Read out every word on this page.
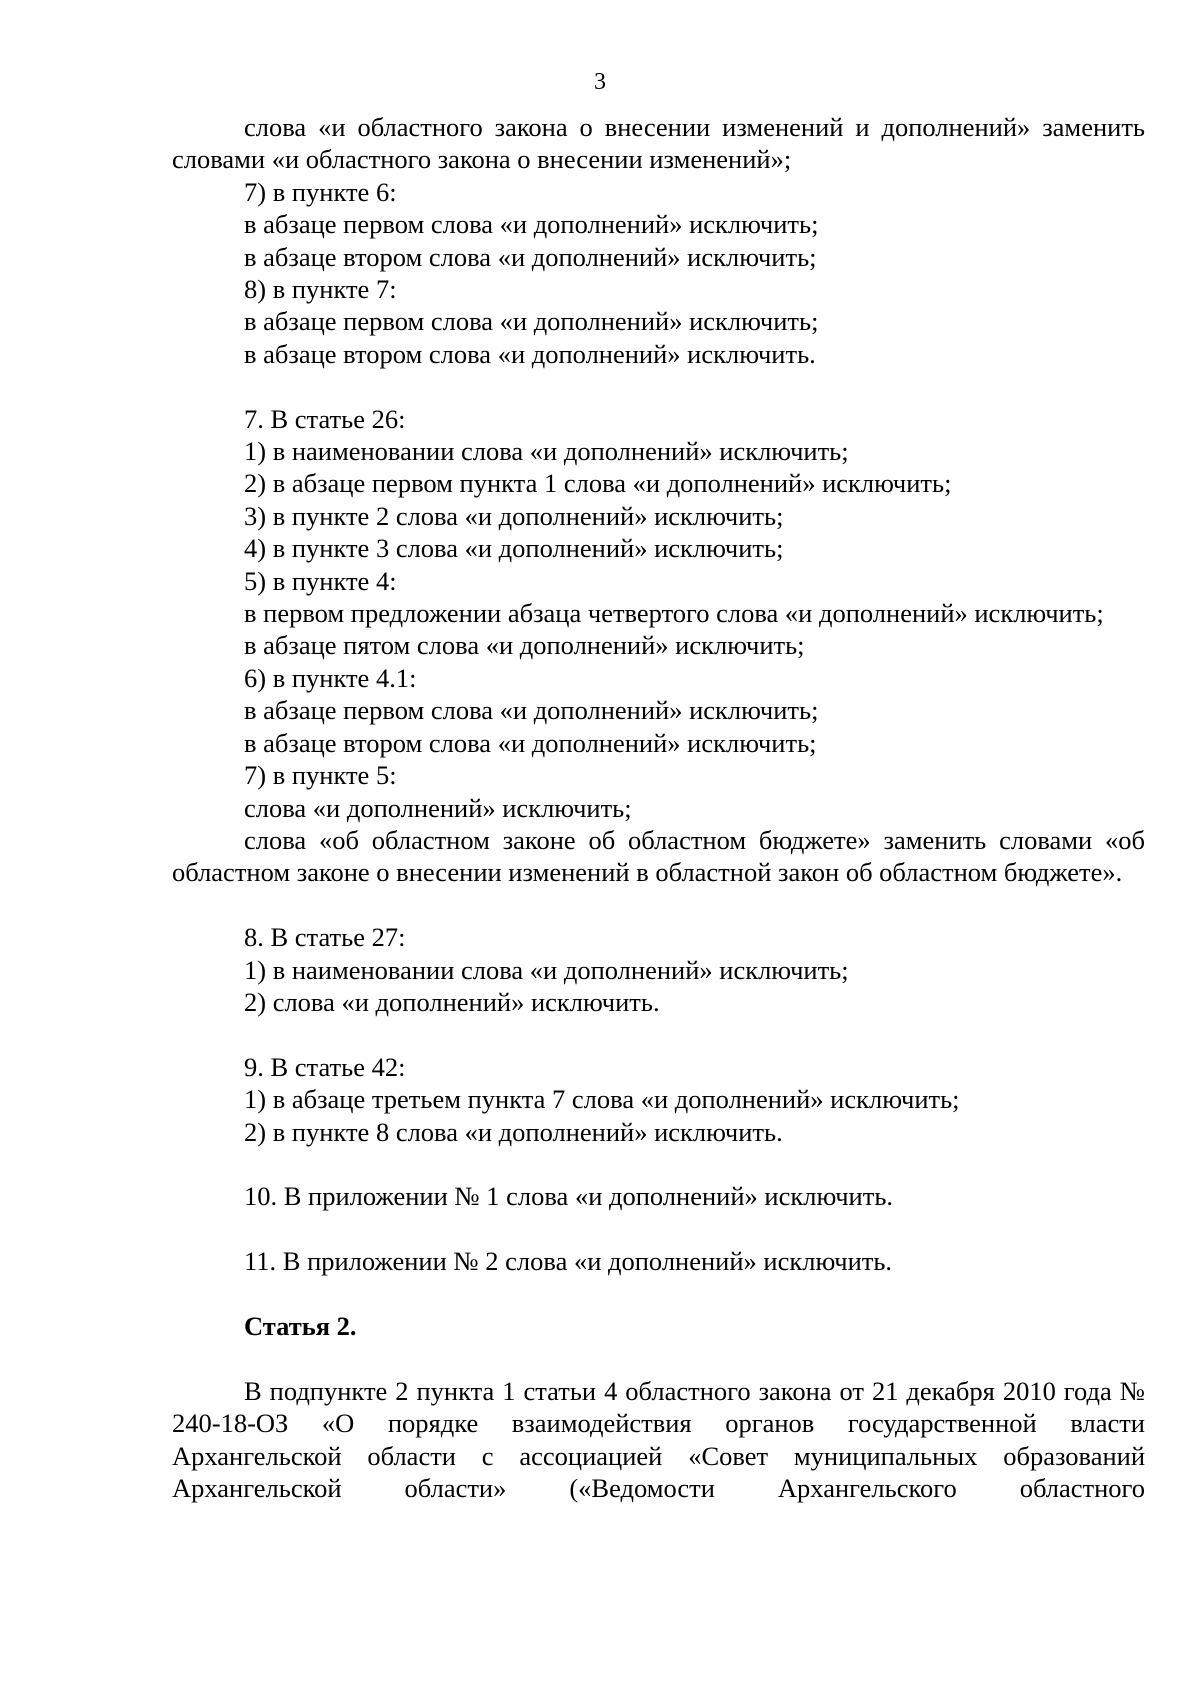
3

слова «и областного закона о внесении изменений и дополнений» заменить словами «и областного закона о внесении изменений»;

7) в пункте 6:

в абзаце первом слова «и дополнений» исключить;

в абзаце втором слова «и дополнений» исключить;

8) в пункте 7:

в абзаце первом слова «и дополнений» исключить;

в абзаце втором слова «и дополнений» исключить.

7. В статье 26:

1) в наименовании слова «и дополнений» исключить;

2) в абзаце первом пункта 1 слова «и дополнений» исключить;

3) в пункте 2 слова «и дополнений» исключить;

4) в пункте 3 слова «и дополнений» исключить;

5) в пункте 4:

в первом предложении абзаца четвертого слова «и дополнений» исключить;

в абзаце пятом слова «и дополнений» исключить;

6) в пункте 4.1:

в абзаце первом слова «и дополнений» исключить;

в абзаце втором слова «и дополнений» исключить;

7) в пункте 5:

слова «и дополнений» исключить;

слова «об областном законе об областном бюджете» заменить словами «об областном законе о внесении изменений в областной закон об областном бюджете».

8. В статье 27:

1) в наименовании слова «и дополнений» исключить;

2) слова «и дополнений» исключить.

9. В статье 42:

1) в абзаце третьем пункта 7 слова «и дополнений» исключить;

2) в пункте 8 слова «и дополнений» исключить.

10. В приложении № 1 слова «и дополнений» исключить.

11. В приложении № 2 слова «и дополнений» исключить.

Статья 2.

В подпункте 2 пункта 1 статьи 4 областного закона от 21 декабря 2010 года № 240-18-ОЗ «О порядке взаимодействия органов государственной власти Архангельской области с ассоциацией «Совет муниципальных образований Архангельской области» («Ведомости Архангельского областного
